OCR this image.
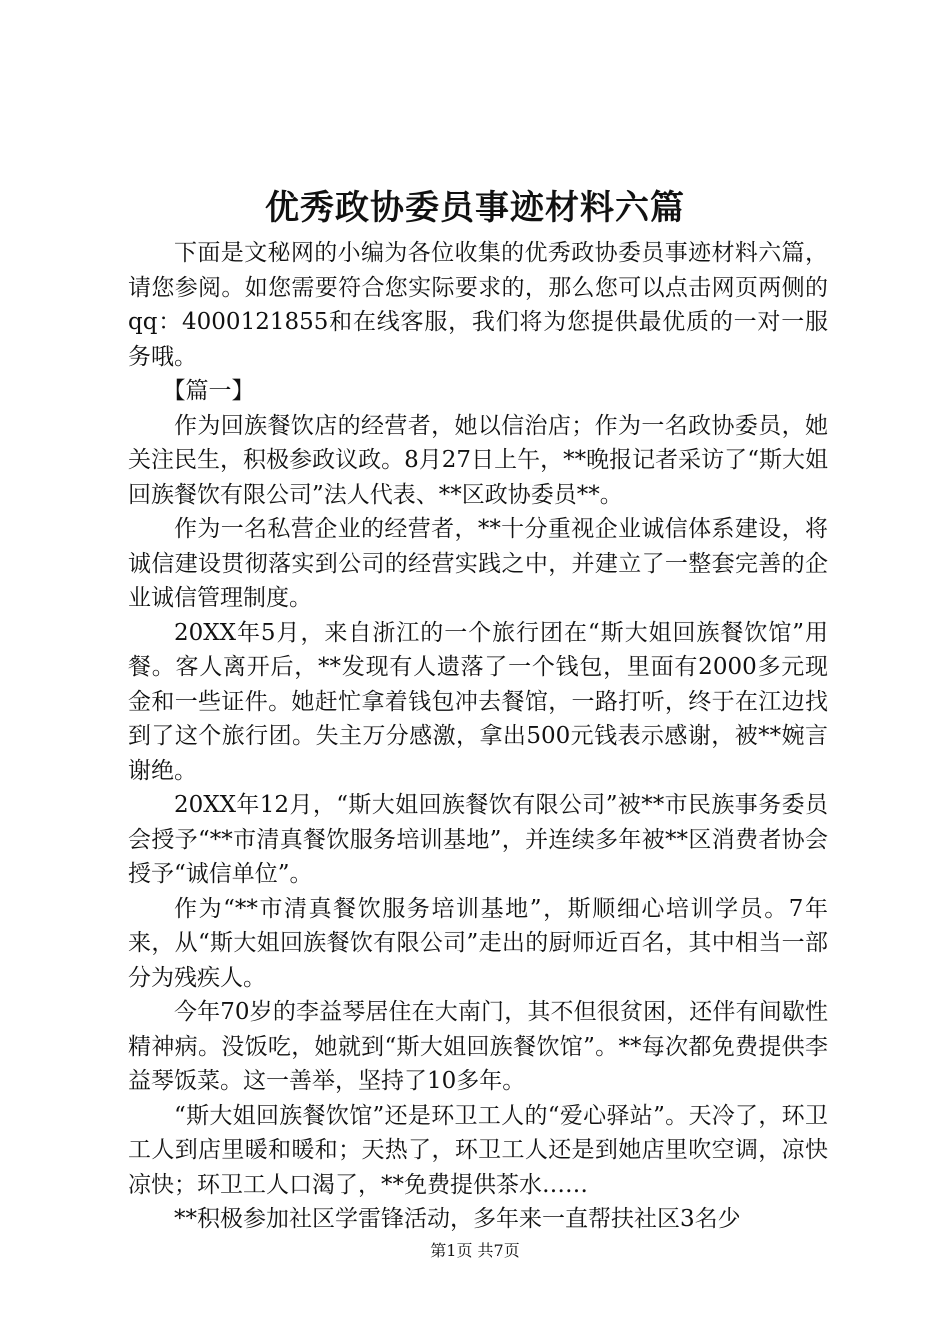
优秀政协委员事迹材料六篇

下面是文秘网的小编为各位收集的优秀政协委员事迹材料六篇，请您参阅。如您需要符合您实际要求的，那么您可以点击网页两侧的qq：4000121855和在线客服，我们将为您提供最优质的一对一服务哦。

【篇一】

作为回族餐饮店的经营者，她以信治店；作为一名政协委员，她关注民生，积极参政议政。8月27日上午，**晚报记者采访了“斯大姐回族餐饮有限公司”法人代表、**区政协委员**。

作为一名私营企业的经营者，**十分重视企业诚信体系建设，将诚信建设贯彻落实到公司的经营实践之中，并建立了一整套完善的企业诚信管理制度。

20XX年5月，来自浙江的一个旅行团在“斯大姐回族餐饮馆”用餐。客人离开后，**发现有人遗落了一个钱包，里面有2000多元现金和一些证件。她赶忙拿着钱包冲去餐馆，一路打听，终于在江边找到了这个旅行团。失主万分感激，拿出500元钱表示感谢，被**婉言谢绝。

20XX年12月，“斯大姐回族餐饮有限公司”被**市民族事务委员会授予“**市清真餐饮服务培训基地”，并连续多年被**区消费者协会授予“诚信单位”。

作为“**市清真餐饮服务培训基地”，斯顺细心培训学员。7年来，从“斯大姐回族餐饮有限公司”走出的厨师近百名，其中相当一部分为残疾人。

今年70岁的李益琴居住在大南门，其不但很贫困，还伴有间歇性精神病。没饭吃，她就到“斯大姐回族餐饮馆”。**每次都免费提供李益琴饭菜。这一善举，坚持了10多年。

“斯大姐回族餐饮馆”还是环卫工人的“爱心驿站”。天冷了，环卫工人到店里暖和暖和；天热了，环卫工人还是到她店里吹空调，凉快凉快；环卫工人口渴了，**免费提供茶水……

**积极参加社区学雷锋活动，多年来一直帮扶社区3名少

第1页 共7页
